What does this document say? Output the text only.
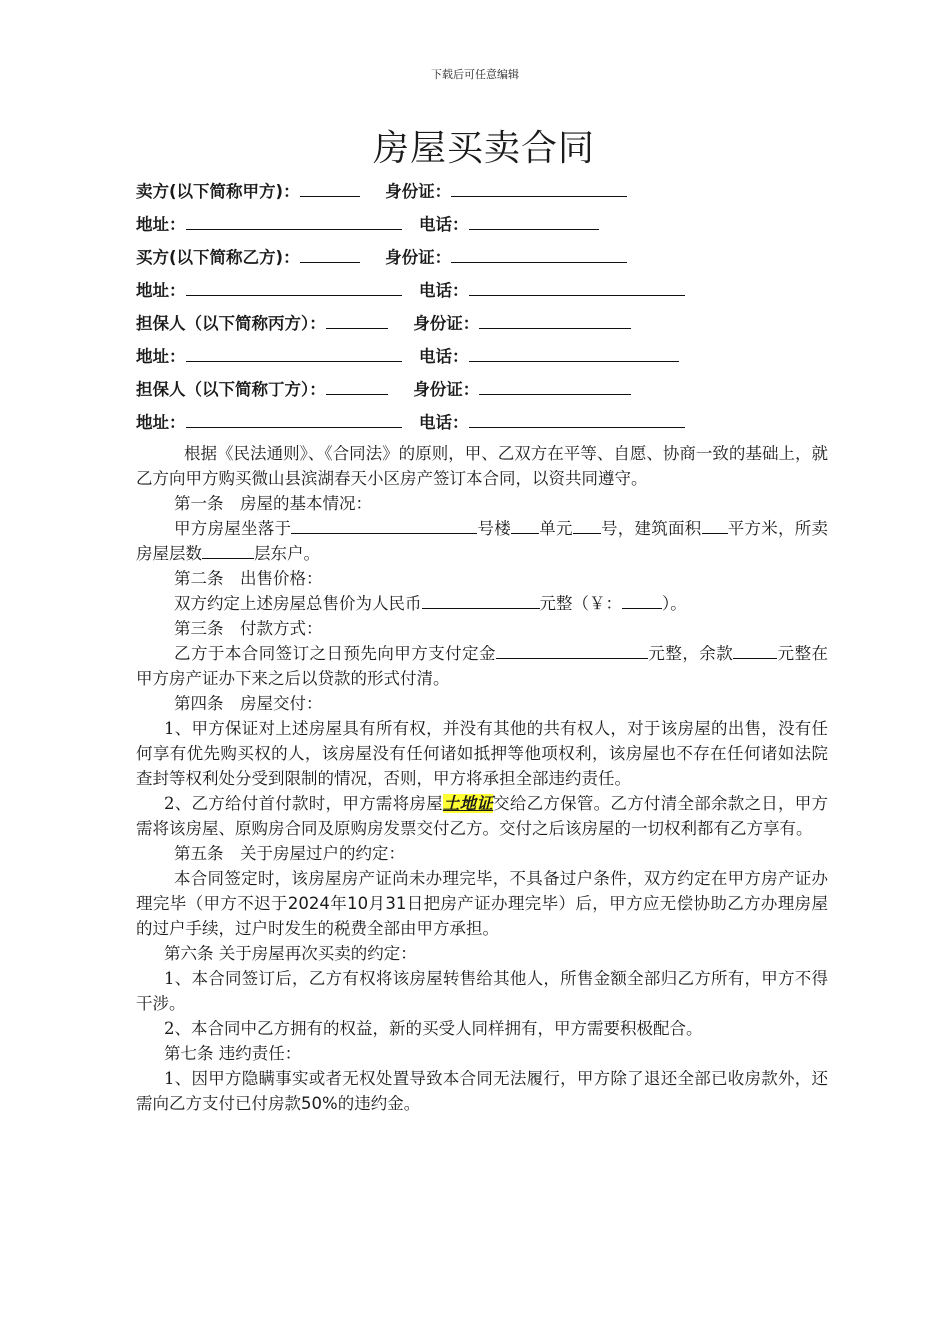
下载后可任意编辑
房屋买卖合同
卖方(以下简称甲方)：	身份证：
地址：	电话：
买方(以下简称乙方)：	身份证：
地址：	电话：
担保人（以下简称丙方）：	身份证：
地址：	电话：
担保人（以下简称丁方）：	身份证：
地址：	电话：

根据《民法通则》、《合同法》的原则，甲、乙双方在平等、自愿、协商一致的基础上，就乙方向甲方购买微山县滨湖春天小区房产签订本合同，以资共同遵守。

第一条　房屋的基本情况：

甲方房屋坐落于	号楼 单元 号，建筑面积 平方米，所卖房屋层数	层东户。

第二条　出售价格：

双方约定上述房屋总售价为人民币	元整（￥： ）。

第三条　付款方式：

乙方于本合同签订之日预先向甲方支付定金	元整，余款	元整在甲方房产证办下来之后以贷款的形式付清。

第四条　房屋交付：

1、甲方保证对上述房屋具有所有权，并没有其他的共有权人，对于该房屋的出售，没有任何享有优先购买权的人，该房屋没有任何诸如抵押等他项权利，该房屋也不存在任何诸如法院查封等权利处分受到限制的情况，否则，甲方将承担全部违约责任。

2、乙方给付首付款时，甲方需将房屋土地证交给乙方保管。乙方付清全部余款之日，甲方需将该房屋、原购房合同及原购房发票交付乙方。交付之后该房屋的一切权利都有乙方享有。

第五条　关于房屋过户的约定：

本合同签定时，该房屋房产证尚未办理完毕，不具备过户条件，双方约定在甲方房产证办理完毕（甲方不迟于2024年10月31日把房产证办理完毕）后，甲方应无偿协助乙方办理房屋的过户手续，过户时发生的税费全部由甲方承担。

第六条 关于房屋再次买卖的约定：

1、本合同签订后，乙方有权将该房屋转售给其他人，所售金额全部归乙方所有，甲方不得干涉。

2、本合同中乙方拥有的权益，新的买受人同样拥有，甲方需要积极配合。

第七条 违约责任：

1、因甲方隐瞒事实或者无权处置导致本合同无法履行，甲方除了退还全部已收房款外，还需向乙方支付已付房款50%的违约金。
